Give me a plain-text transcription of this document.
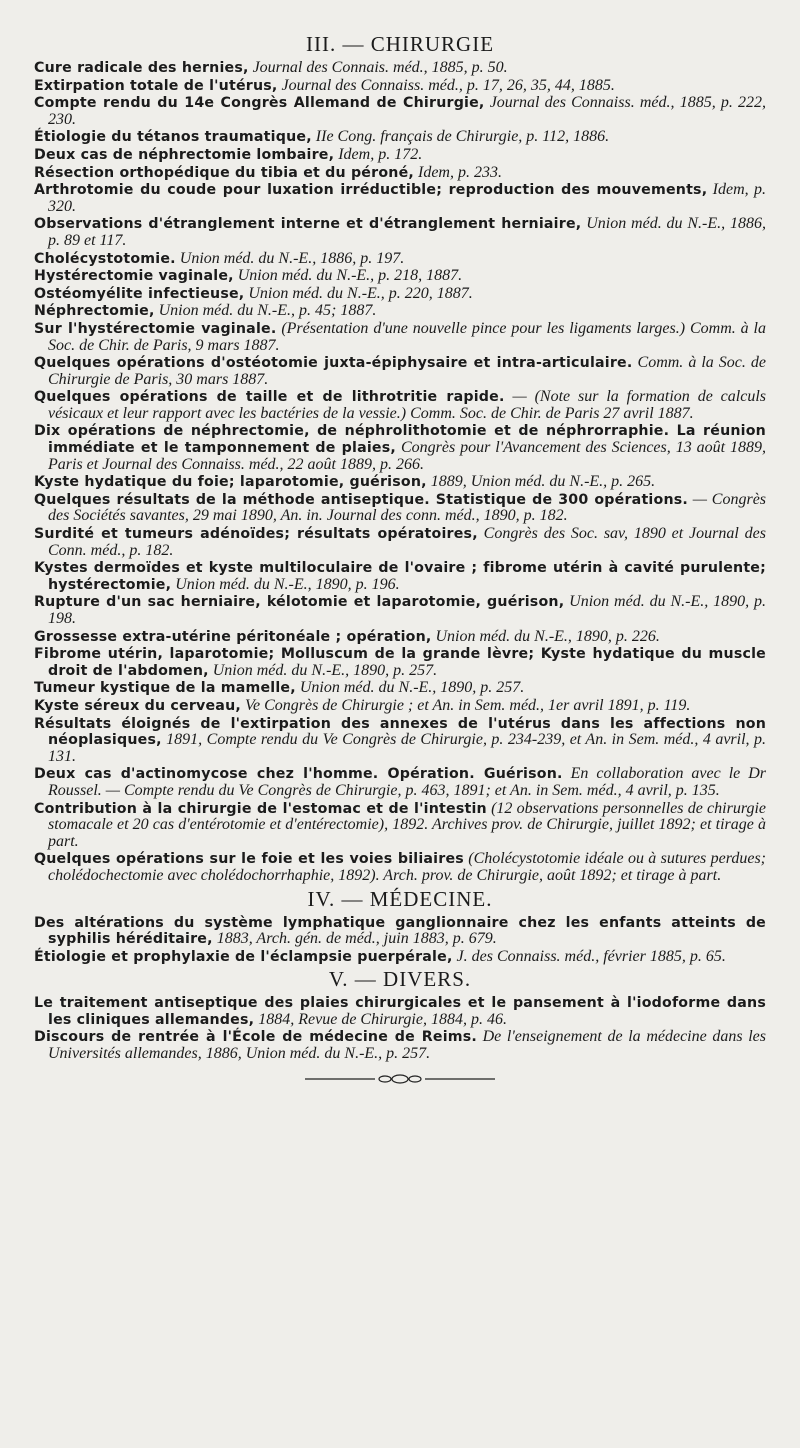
III. — CHIRURGIE
Cure radicale des hernies, Journal des Connais. méd., 1885, p. 50.
Extirpation totale de l'utérus, Journal des Connaiss. méd., p. 17, 26, 35, 44, 1885.
Compte rendu du 14e Congrès Allemand de Chirurgie, Journal des Connaiss. méd., 1885, p. 222, 230.
Étiologie du tétanos traumatique, IIe Cong. français de Chirurgie, p. 112, 1886.
Deux cas de néphrectomie lombaire, Idem, p. 172.
Résection orthopédique du tibia et du péroné, Idem, p. 233.
Arthrotomie du coude pour luxation irréductible; reproduction des mouvements, Idem, p. 320.
Observations d'étranglement interne et d'étranglement herniaire, Union méd. du N.-E., 1886, p. 89 et 117.
Cholécystotomie. Union méd. du N.-E., 1886, p. 197.
Hystérectomie vaginale, Union méd. du N.-E., p. 218, 1887.
Ostéomyélite infectieuse, Union méd. du N.-E., p. 220, 1887.
Néphrectomie, Union méd. du N.-E., p. 45; 1887.
Sur l'hystérectomie vaginale. (Présentation d'une nouvelle pince pour les ligaments larges.) Comm. à la Soc. de Chir. de Paris, 9 mars 1887.
Quelques opérations d'ostéotomie juxta-épiphysaire et intra-articulaire. Comm. à la Soc. de Chirurgie de Paris, 30 mars 1887.
Quelques opérations de taille et de lithrotritie rapide. — (Note sur la formation de calculs vésicaux et leur rapport avec les bactéries de la vessie.) Comm. Soc. de Chir. de Paris 27 avril 1887.
Dix opérations de néphrectomie, de néphrolithotomie et de néphrorraphie. La réunion immédiate et le tamponnement de plaies, Congrès pour l'Avancement des Sciences, 13 août 1889, Paris et Journal des Connaiss. méd., 22 août 1889, p. 266.
Kyste hydatique du foie; laparotomie, guérison, 1889, Union méd. du N.-E., p. 265.
Quelques résultats de la méthode antiseptique. Statistique de 300 opérations. — Congrès des Sociétés savantes, 29 mai 1890, An. in. Journal des conn. méd., 1890, p. 182.
Surdité et tumeurs adénoïdes; résultats opératoires, Congrès des Soc. sav, 1890 et Journal des Conn. méd., p. 182.
Kystes dermoïdes et kyste multiloculaire de l'ovaire ; fibrome utérin à cavité purulente; hystérectomie, Union méd. du N.-E., 1890, p. 196.
Rupture d'un sac herniaire, kélotomie et laparotomie, guérison, Union méd. du N.-E., 1890, p. 198.
Grossesse extra-utérine péritonéale ; opération, Union méd. du N.-E., 1890, p. 226.
Fibrome utérin, laparotomie; Molluscum de la grande lèvre; Kyste hydatique du muscle droit de l'abdomen, Union méd. du N.-E., 1890, p. 257.
Tumeur kystique de la mamelle, Union méd. du N.-E., 1890, p. 257.
Kyste séreux du cerveau, Ve Congrès de Chirurgie ; et An. in Sem. méd., 1er avril 1891, p. 119.
Résultats éloignés de l'extirpation des annexes de l'utérus dans les affections non néoplasiques, 1891, Compte rendu du Ve Congrès de Chirurgie, p. 234-239, et An. in Sem. méd., 4 avril, p. 131.
Deux cas d'actinomycose chez l'homme. Opération. Guérison. En collaboration avec le Dr Roussel. — Compte rendu du Ve Congrès de Chirurgie, p. 463, 1891; et An. in Sem. méd., 4 avril, p. 135.
Contribution à la chirurgie de l'estomac et de l'intestin (12 observations personnelles de chirurgie stomacale et 20 cas d'entérotomie et d'entérectomie), 1892. Archives prov. de Chirurgie, juillet 1892; et tirage à part.
Quelques opérations sur le foie et les voies biliaires (Cholécystotomie idéale ou à sutures perdues; cholédochectomie avec cholédochorrhaphie, 1892). Arch. prov. de Chirurgie, août 1892; et tirage à part.
IV. — MÉDECINE.
Des altérations du système lymphatique ganglionnaire chez les enfants atteints de syphilis héréditaire, 1883, Arch. gén. de méd., juin 1883, p. 679.
Étiologie et prophylaxie de l'éclampsie puerpérale, J. des Connaiss. méd., février 1885, p. 65.
V. — DIVERS.
Le traitement antiseptique des plaies chirurgicales et le pansement à l'iodoforme dans les cliniques allemandes, 1884, Revue de Chirurgie, 1884, p. 46.
Discours de rentrée à l'École de médecine de Reims. De l'enseignement de la médecine dans les Universités allemandes, 1886, Union méd. du N.-E., p. 257.
